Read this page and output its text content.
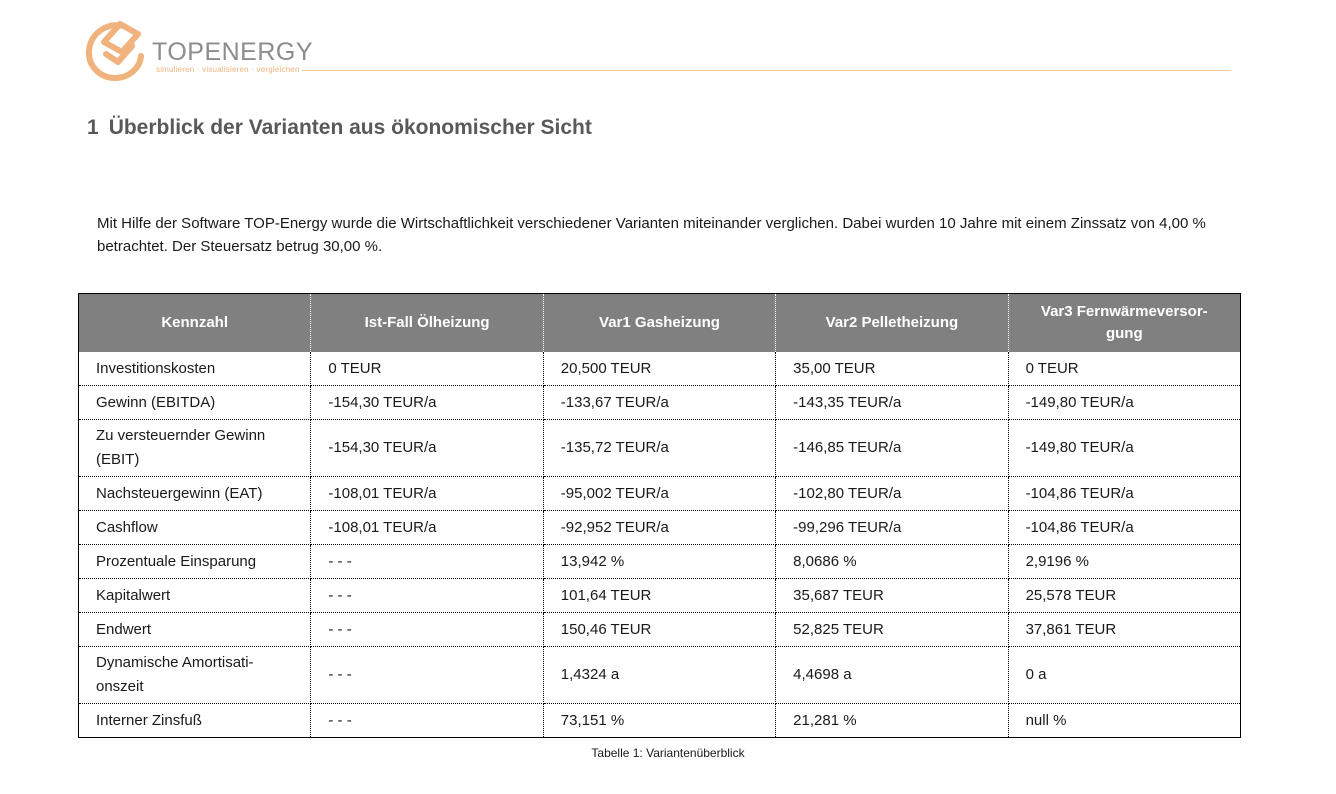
TOPENERGY
simulieren · visualisieren · vergleichen
1 Überblick der Varianten aus ökonomischer Sicht
Mit Hilfe der Software TOP-Energy wurde die Wirtschaftlichkeit verschiedener Varianten miteinander verglichen. Dabei wurden 10 Jahre mit einem Zinssatz von 4,00 % betrachtet. Der Steuersatz betrug 30,00 %.
Kennzahl	Ist-Fall Ölheizung	Var1 Gasheizung	Var2 Pelletheizung	Var3 Fernwärmeversor-
gung
Investitionskosten	0 TEUR	20,500 TEUR	35,00 TEUR	0 TEUR
Gewinn (EBITDA)	-154,30 TEUR/a	-133,67 TEUR/a	-143,35 TEUR/a	-149,80 TEUR/a
Zu versteuernder Gewinn (EBIT)	-154,30 TEUR/a	-135,72 TEUR/a	-146,85 TEUR/a	-149,80 TEUR/a
Nachsteuergewinn (EAT)	-108,01 TEUR/a	-95,002 TEUR/a	-102,80 TEUR/a	-104,86 TEUR/a
Cashflow	-108,01 TEUR/a	-92,952 TEUR/a	-99,296 TEUR/a	-104,86 TEUR/a
Prozentuale Einsparung	- - -	13,942 %	8,0686 %	2,9196 %
Kapitalwert	- - -	101,64 TEUR	35,687 TEUR	25,578 TEUR
Endwert	- - -	150,46 TEUR	52,825 TEUR	37,861 TEUR
Dynamische Amortisati-
onszeit	- - -	1,4324 a	4,4698 a	0 a
Interner Zinsfuß	- - -	73,151 %	21,281 %	null %
Tabelle 1: Variantenüberblick
